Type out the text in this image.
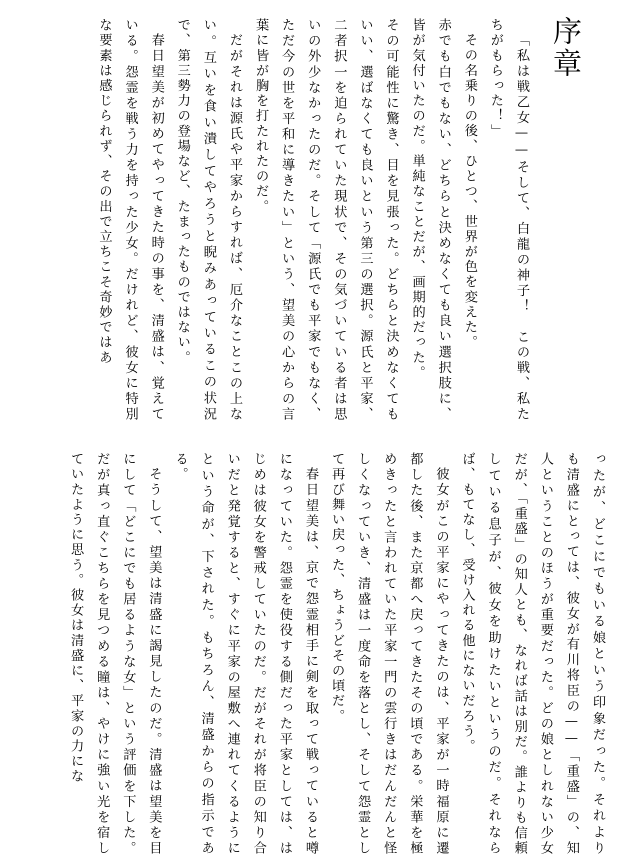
序章

「私は戦乙女——そして、白龍の神子！　この戦、私たちがもらった！」

その名乗りの後、ひとつ、世界が色を変えた。

赤でも白でもない、どちらと決めなくても良い選択肢に、皆が気付いたのだ。単純なことだが、画期的だった。

その可能性に驚き、目を見張った。どちらと決めなくてもいい、選ばなくても良いという第三の選択。源氏と平家、二者択一を迫られていた現状で、その気づいている者は思いの外少なかったのだ。そして「源氏でも平家でもなく、ただ今の世を平和に導きたい」という、望美の心からの言葉に皆が胸を打たれたのだ。

だがそれは源氏や平家からすれば、厄介なことこの上ない。互いを食い潰してやろうと睨みあっているこの状況で、第三勢力の登場など、たまったものではない。

春日望美が初めてやってきた時の事を、清盛は、覚えている。怨霊を戦う力を持った少女。だけれど、彼女に特別な要素は感じられず、その出で立ちこそ奇妙ではあ

ったが、どこにでもいる娘という印象だった。それより も清盛にとっては、彼女が有川将臣の——「重盛」の、知人ということのほうが重要だった。どの娘としれない少女だが、「重盛」の知人とも、なれば話は別だ。誰よりも信頼している息子が、彼女を助けたいというのだ。それならば、もてなし、受け入れる他にないだろう。

彼女がこの平家にやってきたのは、平家が一時福原に遷都した後、また京都へ戻ってきたその頃である。栄華を極めきったと言われていた平家一門の雲行きはだんだんと怪しくなっていき、清盛は一度命を落とし、そして怨霊として再び舞い戻った、ちょうどその頃だ。

春日望美は、京で怨霊相手に剣を取って戦っていると噂になっていた。怨霊を使役する側だった平家としては、はじめは彼女を警戒していたのだ。だがそれが将臣の知り合いだと発覚すると、すぐに平家の屋敷へ連れてくるようにという命が、下された。もちろん、清盛からの指示である。

そうして、望美は清盛に謁見したのだ。清盛は望美を目にして「どこにでも居るような女」という評価を下した。だが真っ直ぐこちらを見つめる瞳は、やけに強い光を宿していたように思う。彼女は清盛に、平家の力にな
